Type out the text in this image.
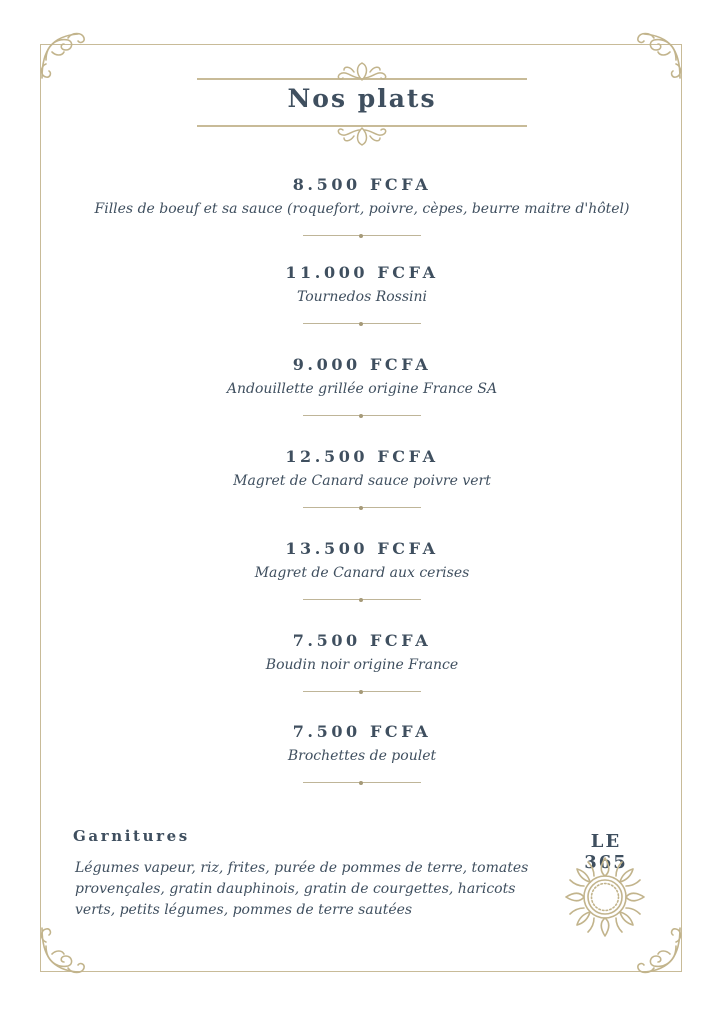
Nos plats
8.500 FCFA
Filles de boeuf et sa sauce (roquefort, poivre, cèpes, beurre maitre d'hôtel)
11.000 FCFA
Tournedos Rossini
9.000 FCFA
Andouillette grillée origine France SA
12.500 FCFA
Magret de Canard sauce poivre vert
13.500 FCFA
Magret de Canard aux cerises
7.500 FCFA
Boudin noir origine France
7.500 FCFA
Brochettes de poulet
Garnitures
Légumes vapeur, riz, frites, purée de pommes de terre, tomates provençales, gratin dauphinois, gratin de courgettes, haricots verts, petits légumes, pommes de terre sautées
LE 365
